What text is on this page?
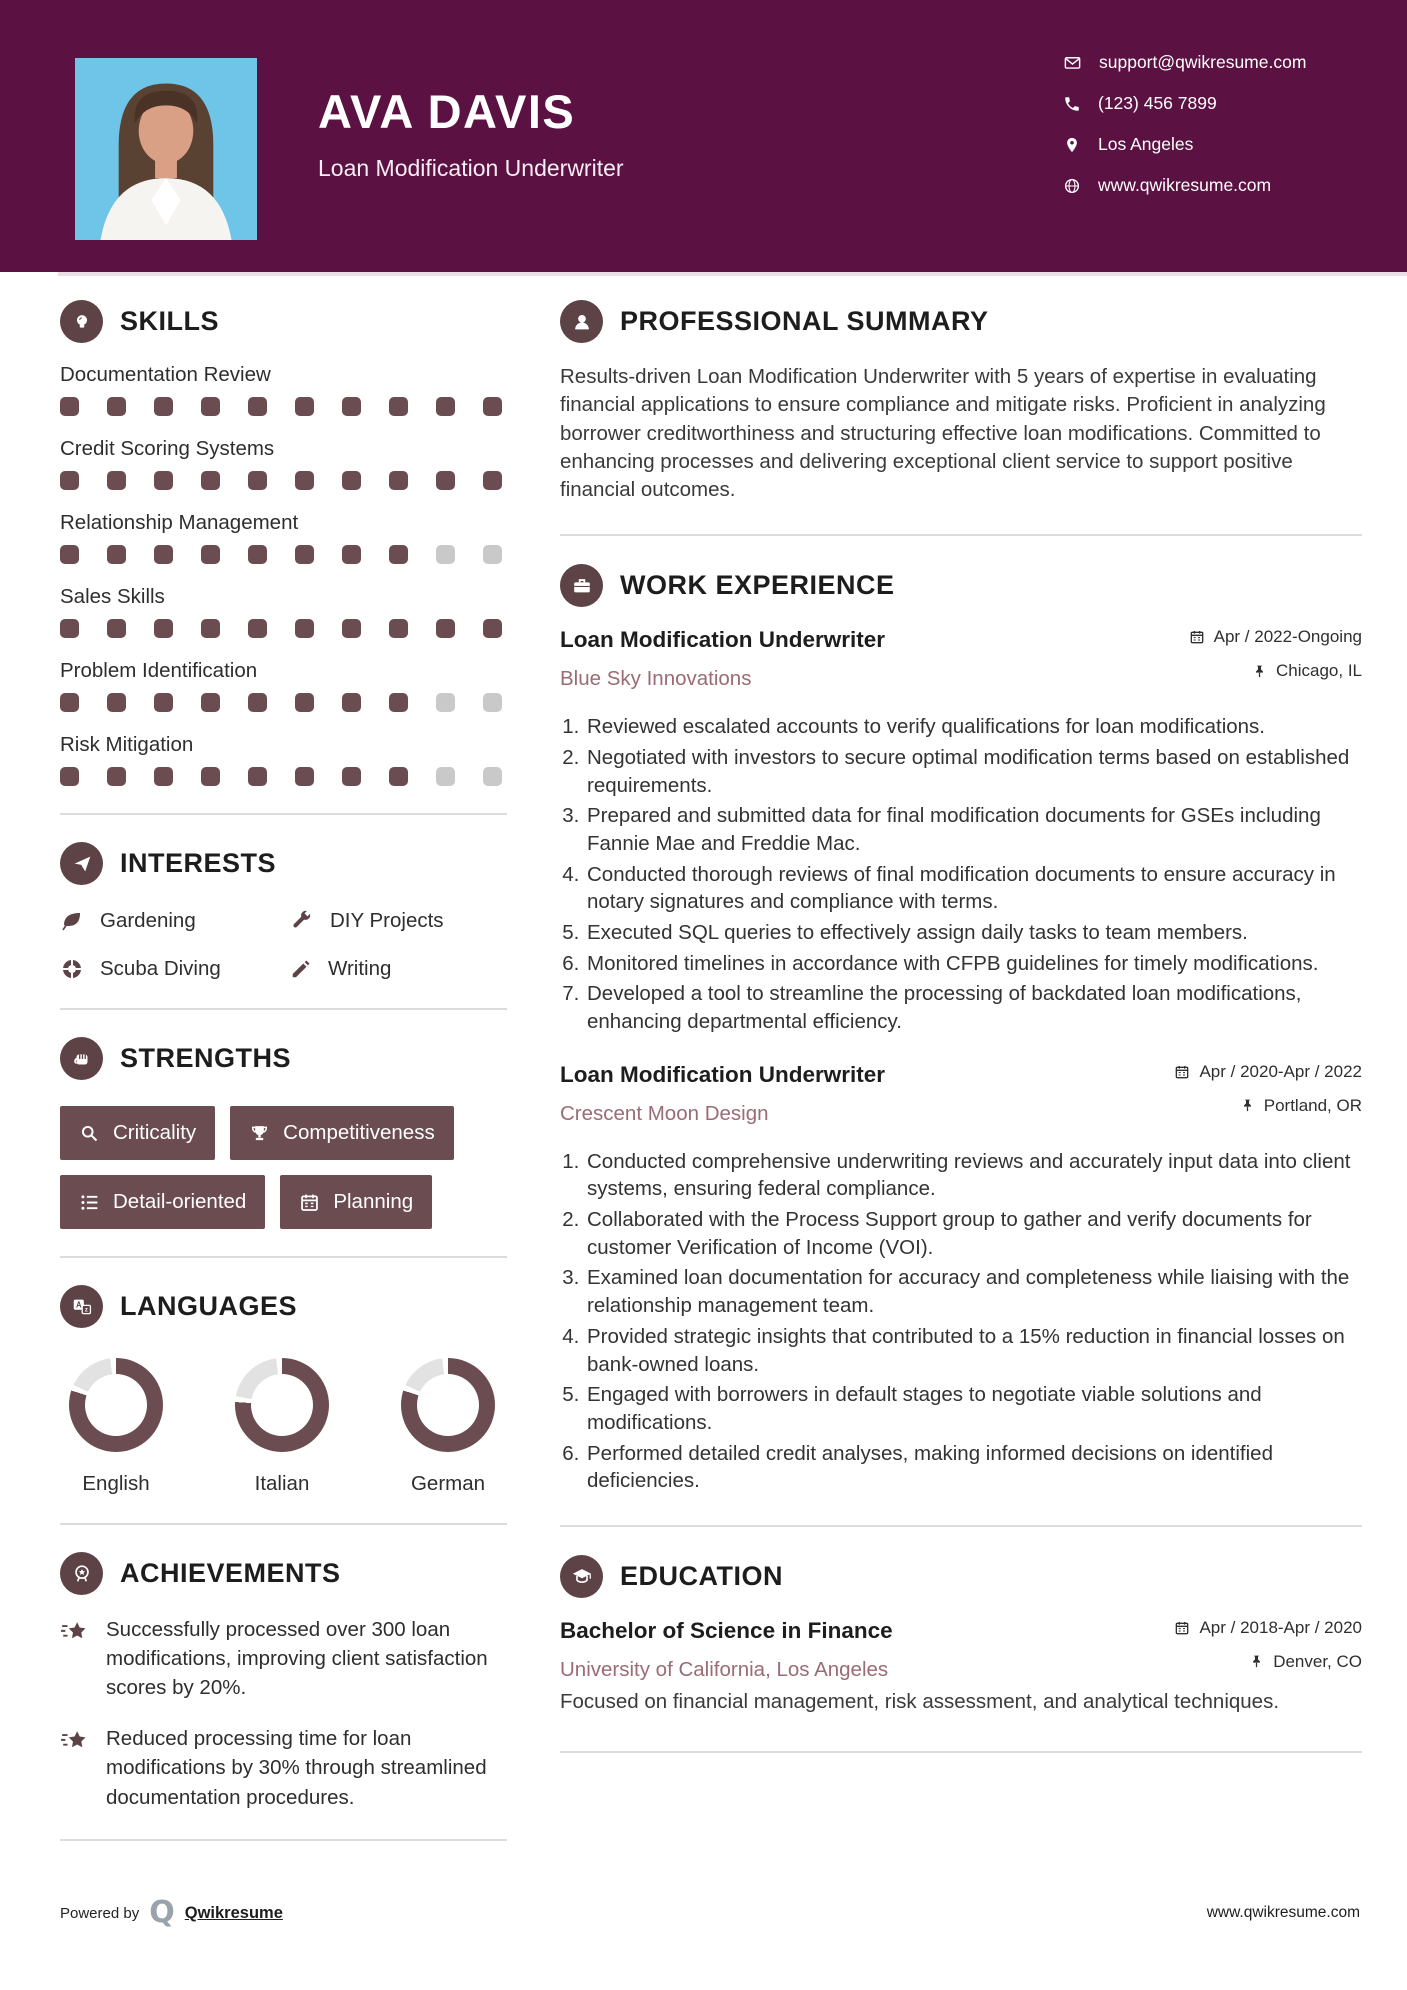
AVA DAVIS
Loan Modification Underwriter
support@qwikresume.com
(123) 456 7899
Los Angeles
www.qwikresume.com
SKILLS
Documentation Review
Credit Scoring Systems
Relationship Management
Sales Skills
Problem Identification
Risk Mitigation
INTERESTS
Gardening	DIY Projects
Scuba Diving	Writing
STRENGTHS
Criticality	Competitiveness
Detail-oriented	Planning
A
z LANGUAGES
English	Italian	German
ACHIEVEMENTS
Successfully processed over 300 loan modifications, improving client satisfaction scores by 20%.
Reduced processing time for loan modifications by 30% through streamlined documentation procedures.
PROFESSIONAL SUMMARY

Results-driven Loan Modification Underwriter with 5 years of expertise in evaluating financial applications to ensure compliance and mitigate risks. Proficient in analyzing borrower creditworthiness and structuring effective loan modifications. Committed to enhancing processes and delivering exceptional client service to support positive financial outcomes.

WORK EXPERIENCE
Loan Modification Underwriter
Blue Sky Innovations
Apr / 2022-Ongoing
Chicago, IL
1. Reviewed escalated accounts to verify qualifications for loan modifications.
2. Negotiated with investors to secure optimal modification terms based on established requirements.
3. Prepared and submitted data for final modification documents for GSEs including Fannie Mae and Freddie Mac.
4. Conducted thorough reviews of final modification documents to ensure accuracy in notary signatures and compliance with terms.
5. Executed SQL queries to effectively assign daily tasks to team members.
6. Monitored timelines in accordance with CFPB guidelines for timely modifications.
7. Developed a tool to streamline the processing of backdated loan modifications, enhancing departmental efficiency.
Loan Modification Underwriter
Crescent Moon Design
Apr / 2020-Apr / 2022
Portland, OR
1. Conducted comprehensive underwriting reviews and accurately input data into client systems, ensuring federal compliance.
2. Collaborated with the Process Support group to gather and verify documents for customer Verification of Income (VOI).
3. Examined loan documentation for accuracy and completeness while liaising with the relationship management team.
4. Provided strategic insights that contributed to a 15% reduction in financial losses on bank-owned loans.
5. Engaged with borrowers in default stages to negotiate viable solutions and modifications.
6. Performed detailed credit analyses, making informed decisions on identified deficiencies.
EDUCATION
Bachelor of Science in Finance
University of California, Los Angeles
Apr / 2018-Apr / 2020
Denver, CO

Focused on financial management, risk assessment, and analytical techniques.

Powered by Q Qwikresume	www.qwikresume.com
